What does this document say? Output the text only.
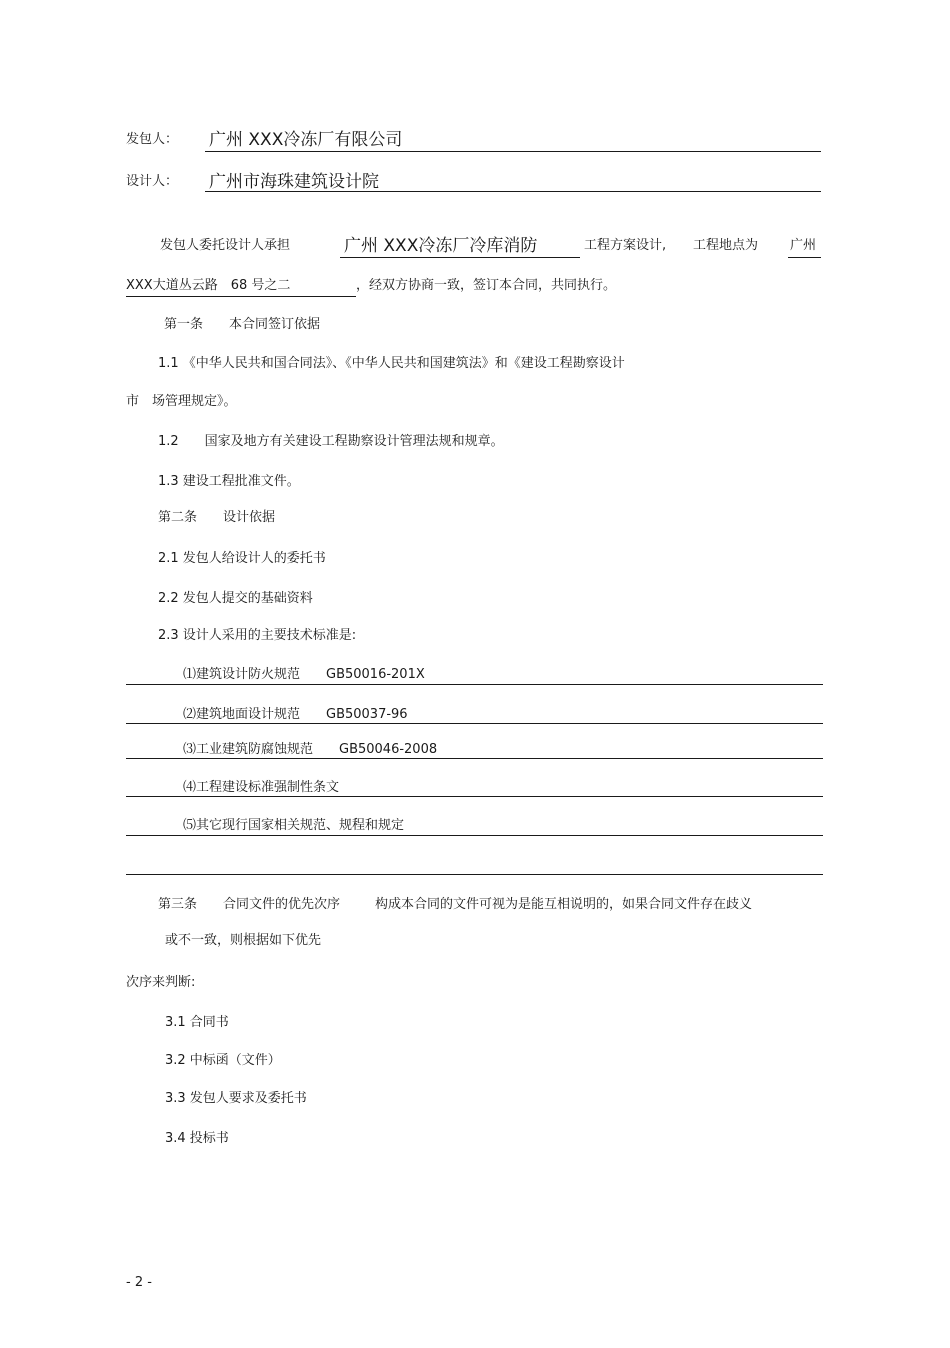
发包人： 广州 XXX冷冻厂有限公司
设计人： 广州市海珠建筑设计院
发包人委托设计人承担	广州 XXX冷冻厂冷库消防	工程方案设计, 工程地点为 广州
XXX大道丛云路　68 号之二	，经双方协商一致，签订本合同，共同执行。
第一条　　本合同签订依据
1.1 《中华人民共和国合同法》、《中华人民共和国建筑法》和《建设工程勘察设计
市　场管理规定》。
1.2　　国家及地方有关建设工程勘察设计管理法规和规章。
1.3 建设工程批准文件。
第二条　　设计依据
2.1 发包人给设计人的委托书
2.2 发包人提交的基础资料
2.3 设计人采用的主要技术标准是:
⑴建筑设计防火规范　　GB50016-201X
⑵建筑地面设计规范　　GB50037-96
⑶工业建筑防腐蚀规范　　GB50046-2008
⑷工程建设标准强制性条文
⑸其它现行国家相关规范、规程和规定
第三条　　合同文件的优先次序	构成本合同的文件可视为是能互相说明的，如果合同文件存在歧义
或不一致，则根据如下优先
次序来判断:
3.1 合同书
3.2 中标函（文件）
3.3 发包人要求及委托书
3.4 投标书
- 2 -
